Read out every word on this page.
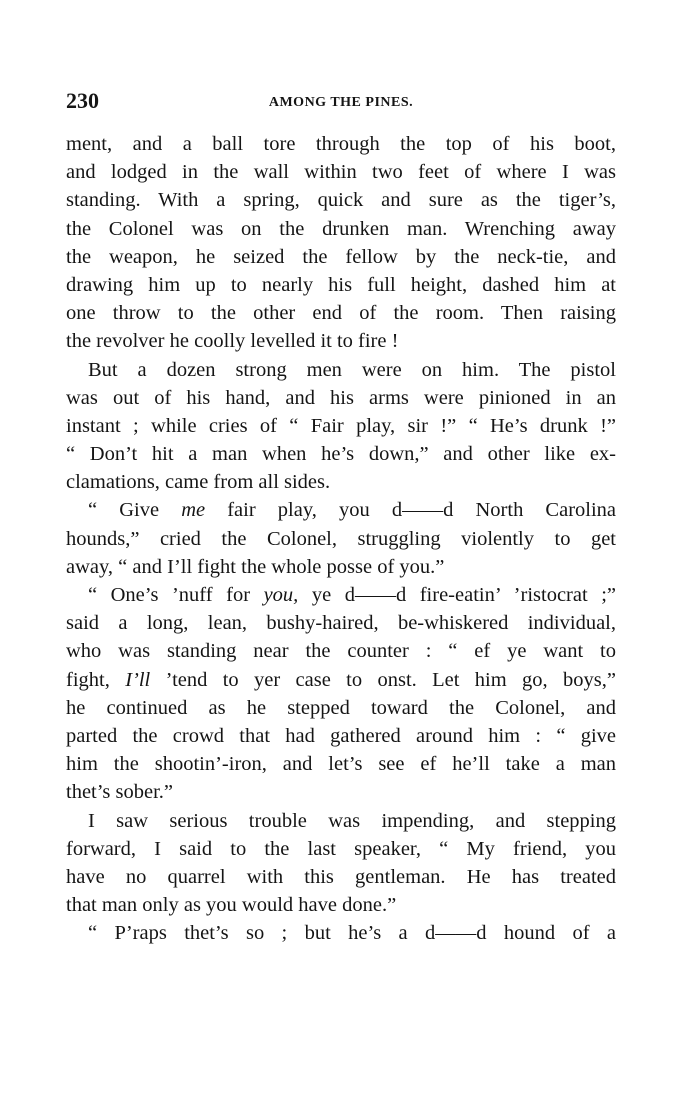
230	AMONG THE PINES.
ment, and a ball tore through the top of his boot,
and lodged in the wall within two feet of where I was
standing. With a spring, quick and sure as the tiger’s,
the Colonel was on the drunken man. Wrenching away
the weapon, he seized the fellow by the neck-tie, and
drawing him up to nearly his full height, dashed him at
one throw to the other end of the room. Then raising
the revolver he coolly levelled it to fire !
But a dozen strong men were on him. The pistol
was out of his hand, and his arms were pinioned in an
instant ; while cries of “ Fair play, sir !” “ He’s drunk !”
“ Don’t hit a man when he’s down,” and other like ex-
clamations, came from all sides.
“ Give me fair play, you d——d North Carolina
hounds,” cried the Colonel, struggling violently to get
away, “ and I’ll fight the whole posse of you.”
“ One’s ’nuff for you, ye d——d fire-eatin’ ’ristocrat ;”
said a long, lean, bushy-haired, be-whiskered individual,
who was standing near the counter : “ ef ye want to
fight, I’ll ’tend to yer case to onst. Let him go, boys,”
he continued as he stepped toward the Colonel, and
parted the crowd that had gathered around him : “ give
him the shootin’-iron, and let’s see ef he’ll take a man
thet’s sober.”
I saw serious trouble was impending, and stepping
forward, I said to the last speaker, “ My friend, you
have no quarrel with this gentleman. He has treated
that man only as you would have done.”
“ P’raps thet’s so ; but he’s a d——d hound of a
